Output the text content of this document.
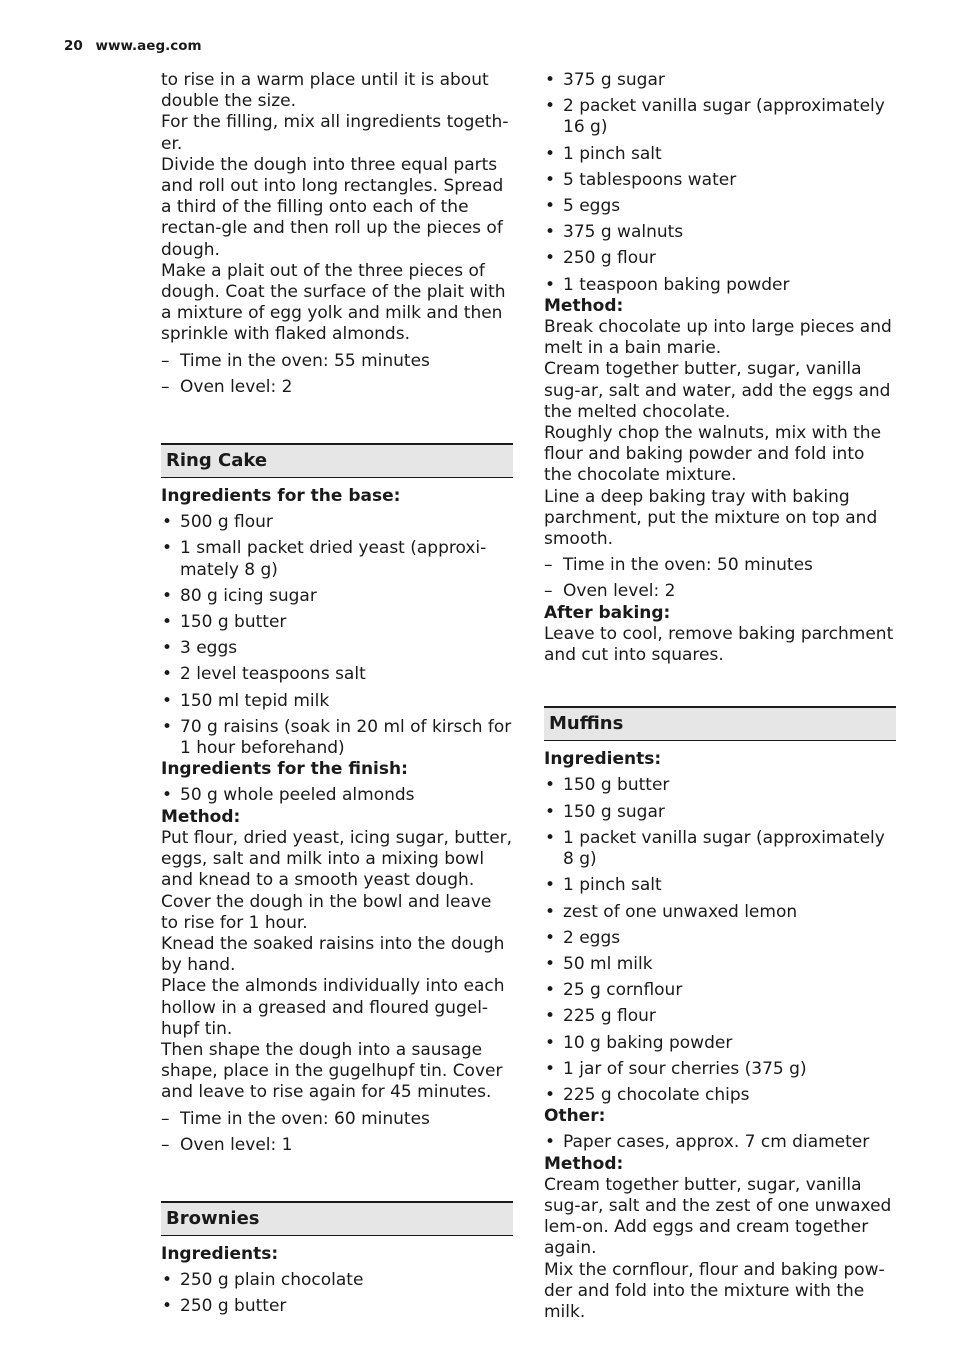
20 www.aeg.com

to rise in a warm place until it is about double the size.

For the filling, mix all ingredients togeth-er.

Divide the dough into three equal parts and roll out into long rectangles. Spread a third of the filling onto each of the rectan-gle and then roll up the pieces of dough.

Make a plait out of the three pieces of dough. Coat the surface of the plait with a mixture of egg yolk and milk and then sprinkle with flaked almonds.

– Time in the oven: 55 minutes
– Oven level: 2
Ring Cake

Ingredients for the base:

• 500 g flour
• 1 small packet dried yeast (approxi-mately 8 g)
• 80 g icing sugar
• 150 g butter
• 3 eggs
• 2 level teaspoons salt
• 150 ml tepid milk
• 70 g raisins (soak in 20 ml of kirsch for 1 hour beforehand)

Ingredients for the finish:

• 50 g whole peeled almonds

Method:

Put flour, dried yeast, icing sugar, butter, eggs, salt and milk into a mixing bowl and knead to a smooth yeast dough. Cover the dough in the bowl and leave to rise for 1 hour.

Knead the soaked raisins into the dough by hand.

Place the almonds individually into each hollow in a greased and floured gugel-hupf tin.

Then shape the dough into a sausage shape, place in the gugelhupf tin. Cover and leave to rise again for 45 minutes.

– Time in the oven: 60 minutes
– Oven level: 1
Brownies

Ingredients:

• 250 g plain chocolate
• 250 g butter
• 375 g sugar
• 2 packet vanilla sugar (approximately 16 g)
• 1 pinch salt
• 5 tablespoons water
• 5 eggs
• 375 g walnuts
• 250 g flour
• 1 teaspoon baking powder

Method:

Break chocolate up into large pieces and melt in a bain marie.

Cream together butter, sugar, vanilla sug-ar, salt and water, add the eggs and the melted chocolate.

Roughly chop the walnuts, mix with the flour and baking powder and fold into the chocolate mixture.

Line a deep baking tray with baking parchment, put the mixture on top and smooth.

– Time in the oven: 50 minutes
– Oven level: 2

After baking:

Leave to cool, remove baking parchment and cut into squares.

Muffins

Ingredients:

• 150 g butter
• 150 g sugar
• 1 packet vanilla sugar (approximately 8 g)
• 1 pinch salt
• zest of one unwaxed lemon
• 2 eggs
• 50 ml milk
• 25 g cornflour
• 225 g flour
• 10 g baking powder
• 1 jar of sour cherries (375 g)
• 225 g chocolate chips

Other:

• Paper cases, approx. 7 cm diameter

Method:

Cream together butter, sugar, vanilla sug-ar, salt and the zest of one unwaxed lem-on. Add eggs and cream together again.

Mix the cornflour, flour and baking pow-der and fold into the mixture with the milk.
